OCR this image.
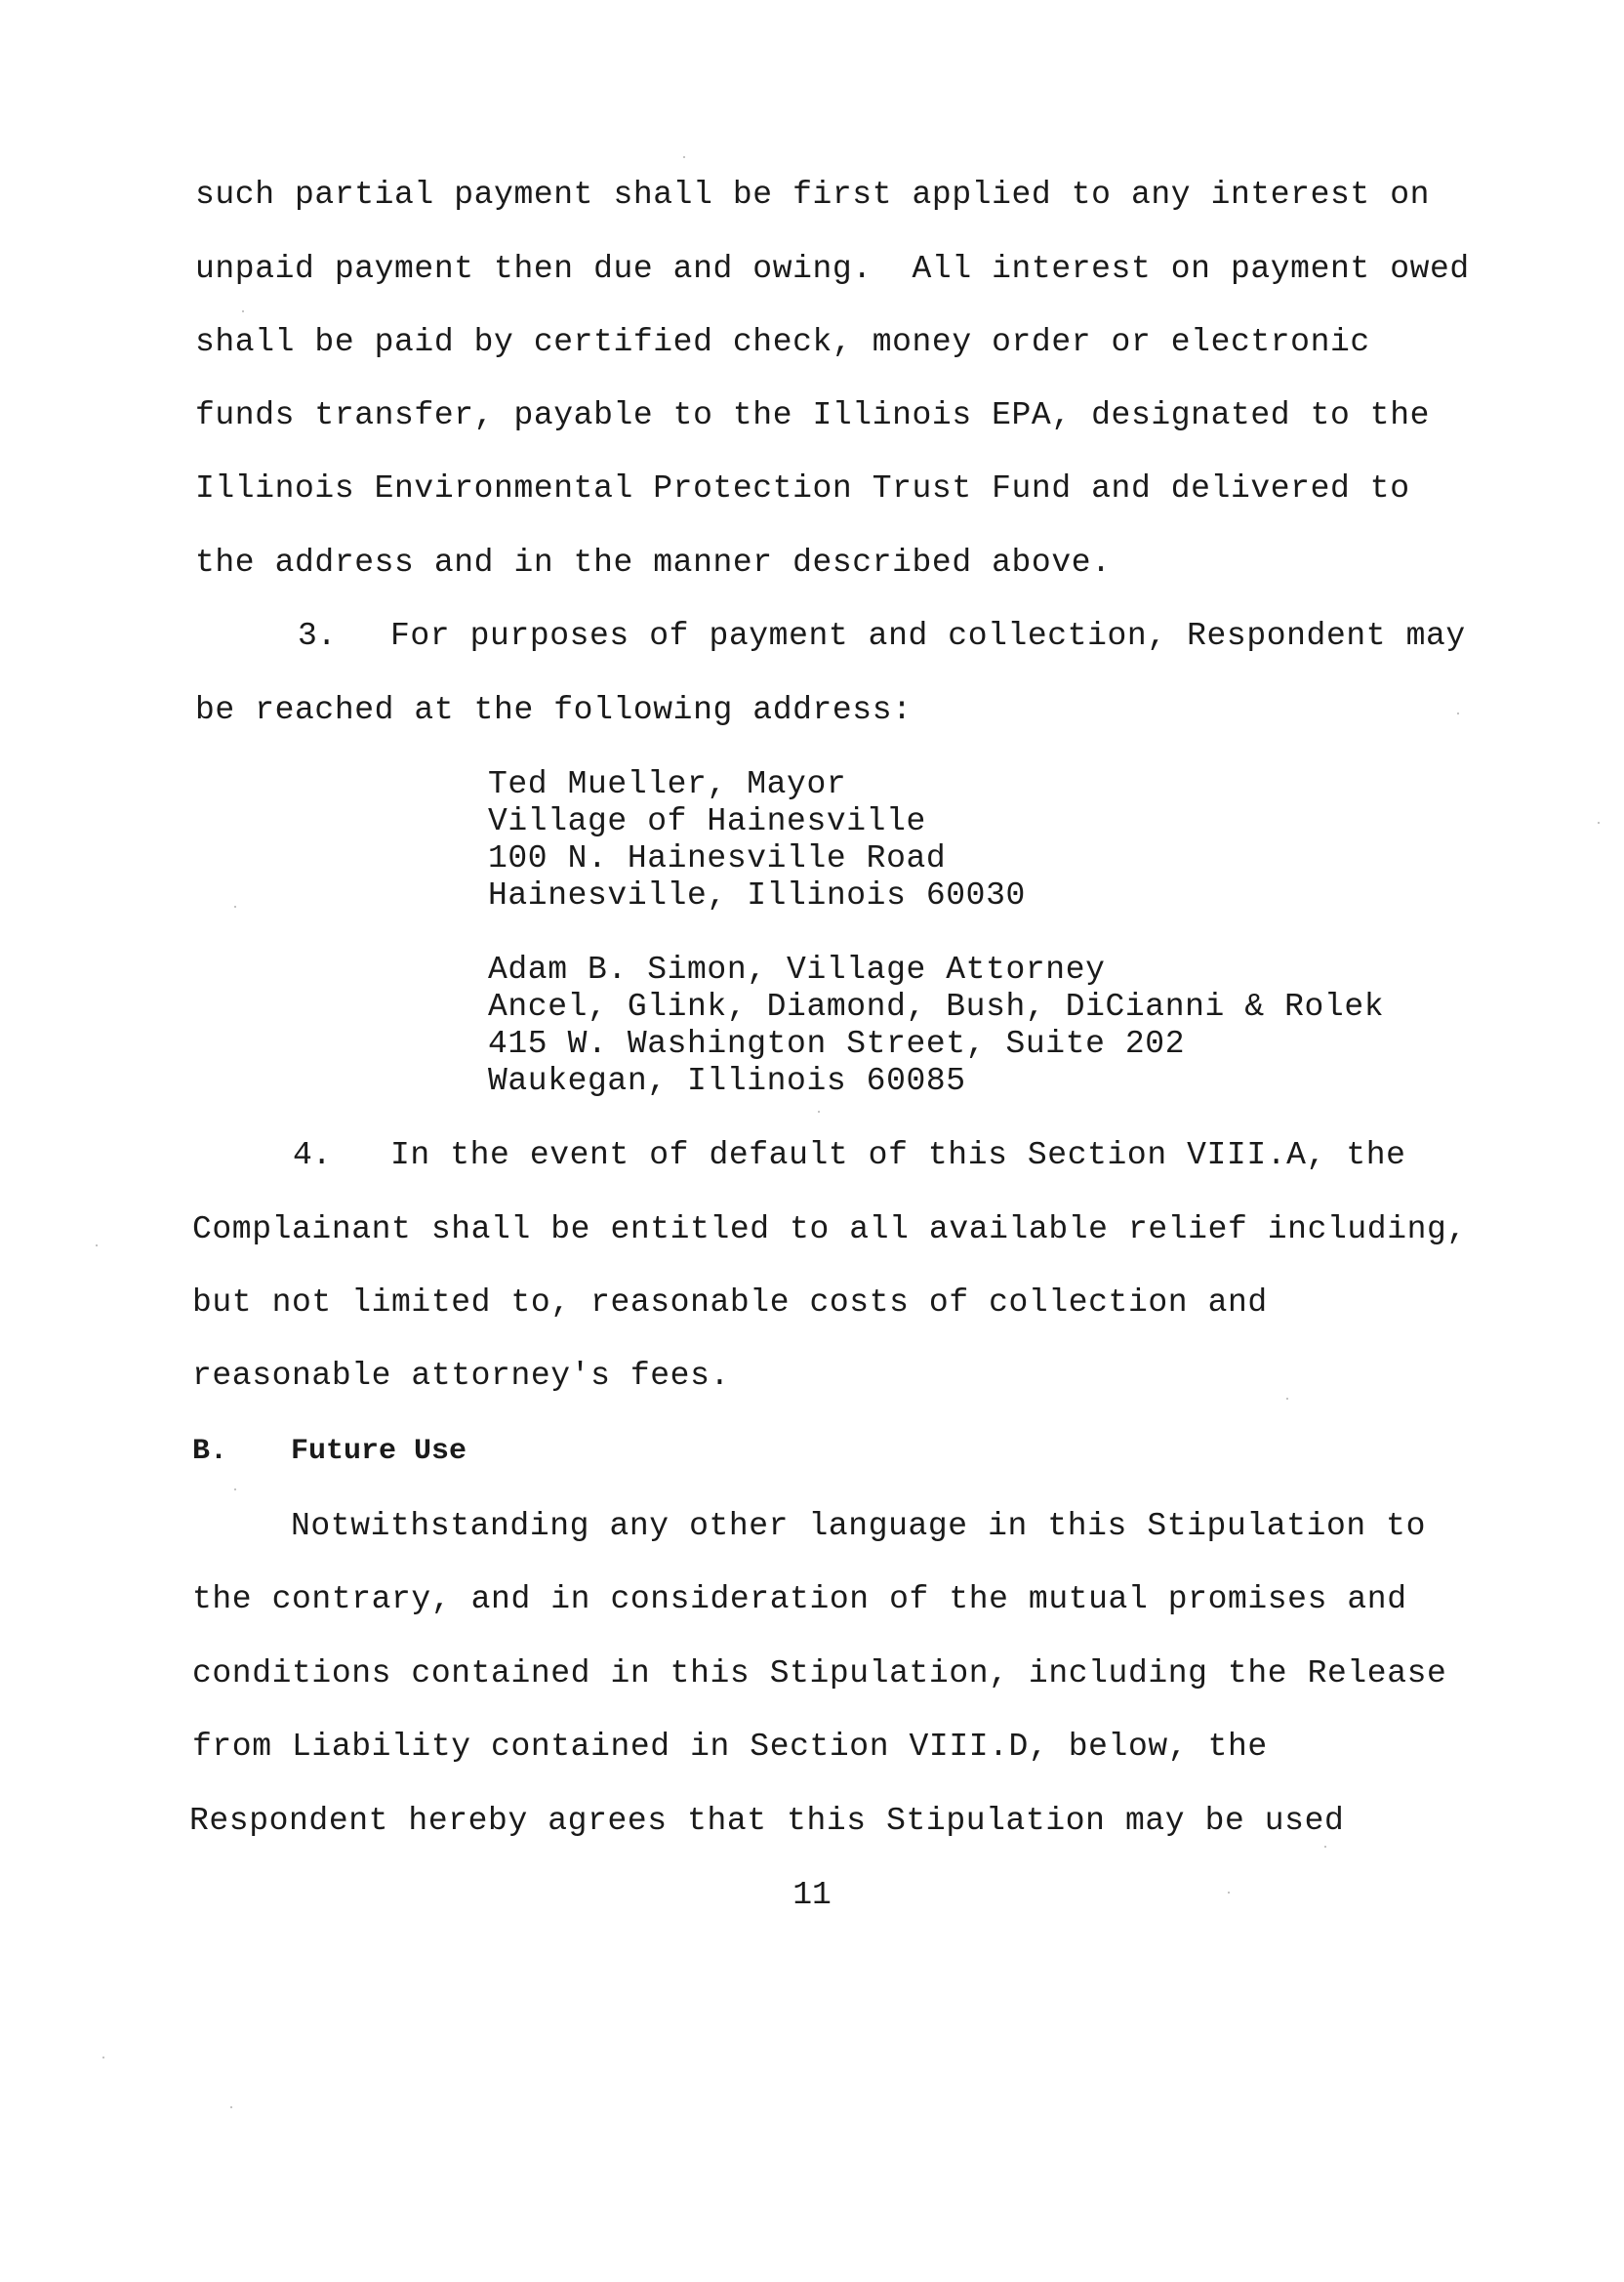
such partial payment shall be first applied to any interest on
unpaid payment then due and owing.  All interest on payment owed
shall be paid by certified check, money order or electronic
funds transfer, payable to the Illinois EPA, designated to the
Illinois Environmental Protection Trust Fund and delivered to
the address and in the manner described above.
3. For purposes of payment and collection, Respondent may
be reached at the following address:
Ted Mueller, Mayor
Village of Hainesville
100 N. Hainesville Road
Hainesville, Illinois 60030
Adam B. Simon, Village Attorney
Ancel, Glink, Diamond, Bush, DiCianni & Rolek
415 W. Washington Street, Suite 202
Waukegan, Illinois 60085
4. In the event of default of this Section VIII.A, the
Complainant shall be entitled to all available relief including,
but not limited to, reasonable costs of collection and
reasonable attorney's fees.
B. Future Use
Notwithstanding any other language in this Stipulation to
the contrary, and in consideration of the mutual promises and
conditions contained in this Stipulation, including the Release
from Liability contained in Section VIII.D, below, the
Respondent hereby agrees that this Stipulation may be used
11
